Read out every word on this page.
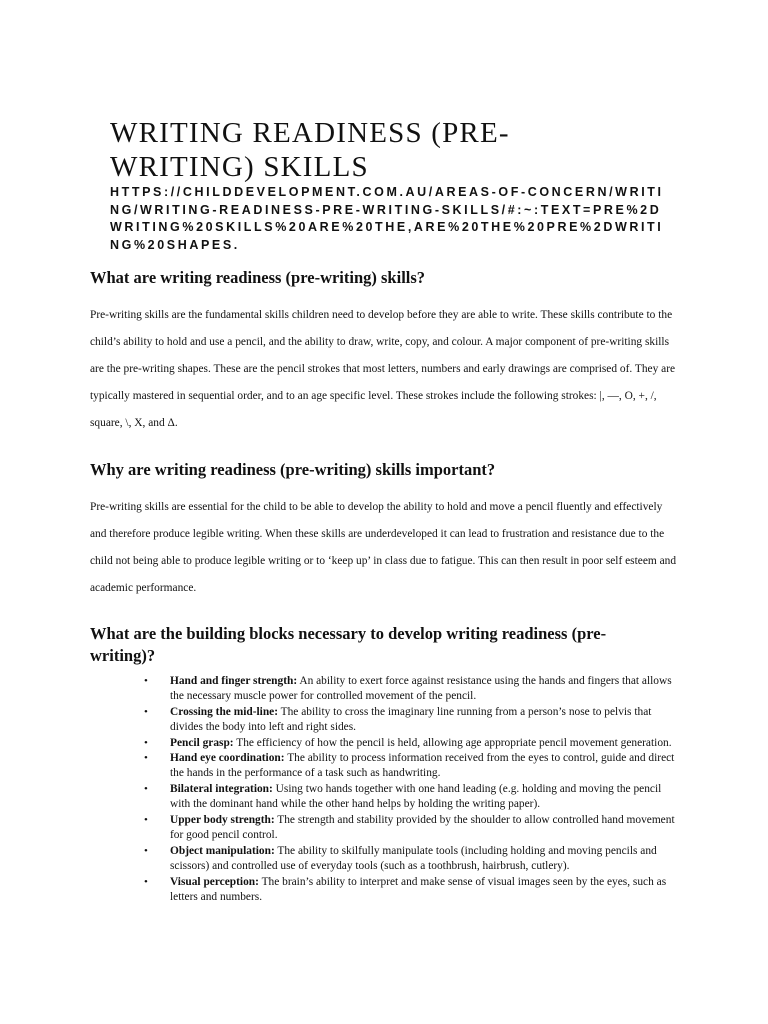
WRITING READINESS (PRE-WRITING) SKILLS

HTTPS://CHILDDEVELOPMENT.COM.AU/AREAS-OF-CONCERN/WRITING/WRITING-READINESS-PRE-WRITING-SKILLS/#:~:TEXT=PRE%2DWRITING%20SKILLS%20ARE%20THE,ARE%20THE%20PRE%2DWRITING%20SHAPES.

What are writing readiness (pre-writing) skills?

Pre-writing skills are the fundamental skills children need to develop before they are able to write. These skills contribute to the child’s ability to hold and use a pencil, and the ability to draw, write, copy, and colour. A major component of pre-writing skills are the pre-writing shapes. These are the pencil strokes that most letters, numbers and early drawings are comprised of. They are typically mastered in sequential order, and to an age specific level. These strokes include the following strokes: |, —, O, +, /, square, \, X, and Δ.

Why are writing readiness (pre-writing) skills important?

Pre-writing skills are essential for the child to be able to develop the ability to hold and move a pencil fluently and effectively and therefore produce legible writing. When these skills are underdeveloped it can lead to frustration and resistance due to the child not being able to produce legible writing or to ‘keep up’ in class due to fatigue. This can then result in poor self esteem and academic performance.

What are the building blocks necessary to develop writing readiness (pre-writing)?
• Hand and finger strength: An ability to exert force against resistance using the hands and fingers that allows the necessary muscle power for controlled movement of the pencil.
• Crossing the mid-line: The ability to cross the imaginary line running from a person’s nose to pelvis that divides the body into left and right sides.
• Pencil grasp: The efficiency of how the pencil is held, allowing age appropriate pencil movement generation.
• Hand eye coordination: The ability to process information received from the eyes to control, guide and direct the hands in the performance of a task such as handwriting.
• Bilateral integration: Using two hands together with one hand leading (e.g. holding and moving the pencil with the dominant hand while the other hand helps by holding the writing paper).
• Upper body strength: The strength and stability provided by the shoulder to allow controlled hand movement for good pencil control.
• Object manipulation: The ability to skilfully manipulate tools (including holding and moving pencils and scissors) and controlled use of everyday tools (such as a toothbrush, hairbrush, cutlery).
• Visual perception: The brain’s ability to interpret and make sense of visual images seen by the eyes, such as letters and numbers.
